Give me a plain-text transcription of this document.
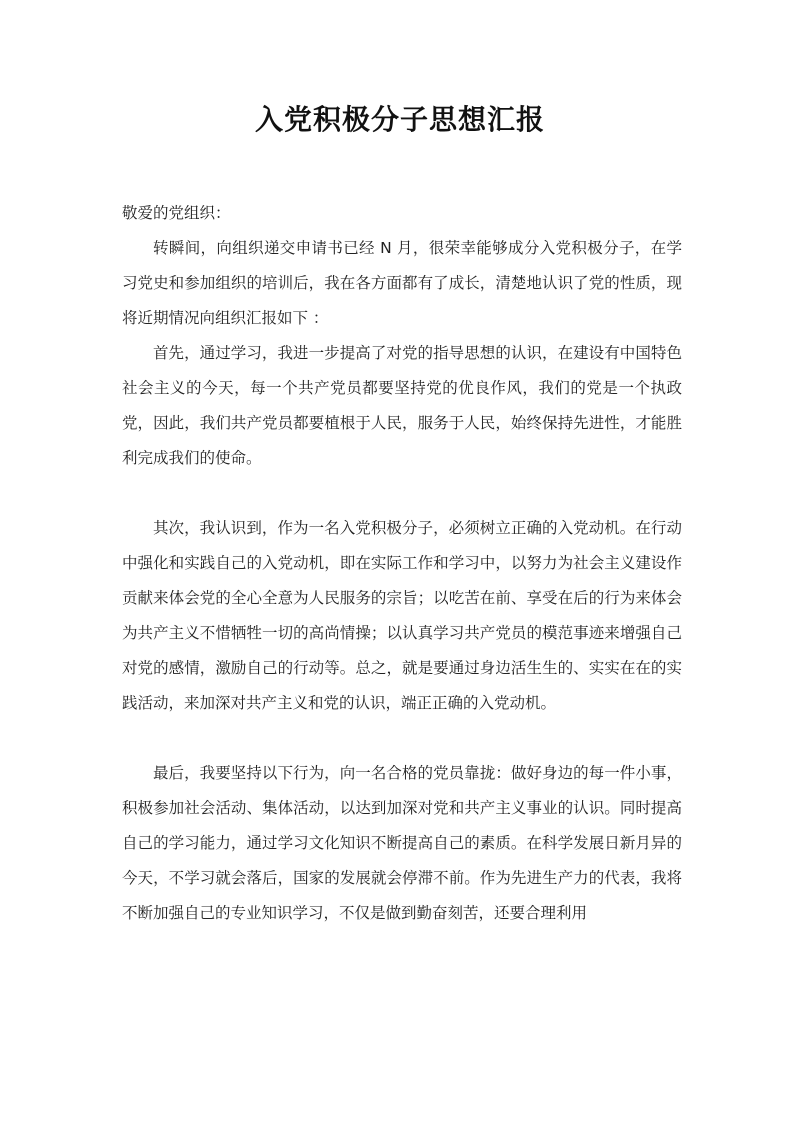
入党积极分子思想汇报

敬爱的党组织：

转瞬间，向组织递交申请书已经 N 月，很荣幸能够成分入党积极分子，在学习党史和参加组织的培训后，我在各方面都有了成长，清楚地认识了党的性质，现将近期情况向组织汇报如下 ：

首先，通过学习，我进一步提高了对党的指导思想的认识，在建设有中国特色社会主义的今天，每一个共产党员都要坚持党的优良作风，我们的党是一个执政党，因此，我们共产党员都要植根于人民，服务于人民，始终保持先进性，才能胜利完成我们的使命。

其次，我认识到，作为一名入党积极分子，必须树立正确的入党动机。在行动中强化和实践自己的入党动机，即在实际工作和学习中，以努力为社会主义建设作贡献来体会党的全心全意为人民服务的宗旨；以吃苦在前、享受在后的行为来体会为共产主义不惜牺牲一切的高尚情操；以认真学习共产党员的模范事迹来增强自己对党的感情，激励自己的行动等。总之，就是要通过身边活生生的、实实在在的实践活动，来加深对共产主义和党的认识，端正正确的入党动机。

最后，我要坚持以下行为，向一名合格的党员靠拢：做好身边的每一件小事，积极参加社会活动、集体活动，以达到加深对党和共产主义事业的认识。同时提高自己的学习能力，通过学习文化知识不断提高自己的素质。在科学发展日新月异的今天，不学习就会落后，国家的发展就会停滞不前。作为先进生产力的代表，我将不断加强自己的专业知识学习，不仅是做到勤奋刻苦，还要合理利用
